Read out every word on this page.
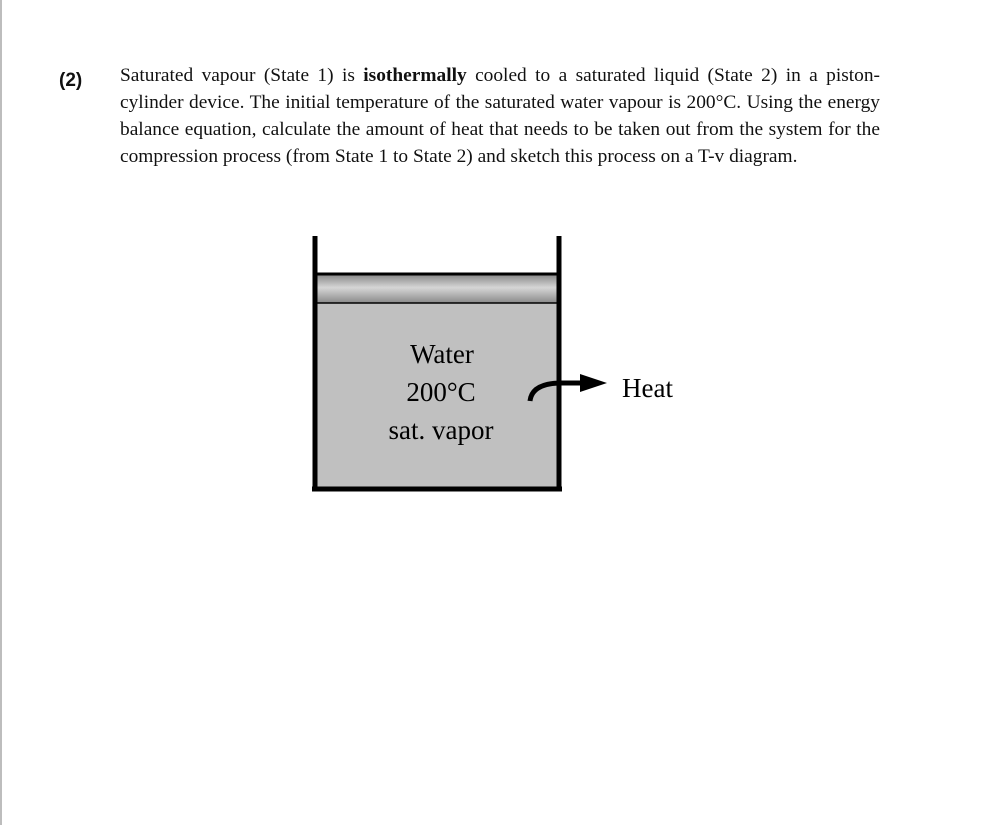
(2) Saturated vapour (State 1) is isothermally cooled to a saturated liquid (State 2) in a piston-cylinder device. The initial temperature of the saturated water vapour is 200°C. Using the energy balance equation, calculate the amount of heat that needs to be taken out from the system for the compression process (from State 1 to State 2) and sketch this process on a T-v diagram.

Water
200°C
sat. vapor
Heat
